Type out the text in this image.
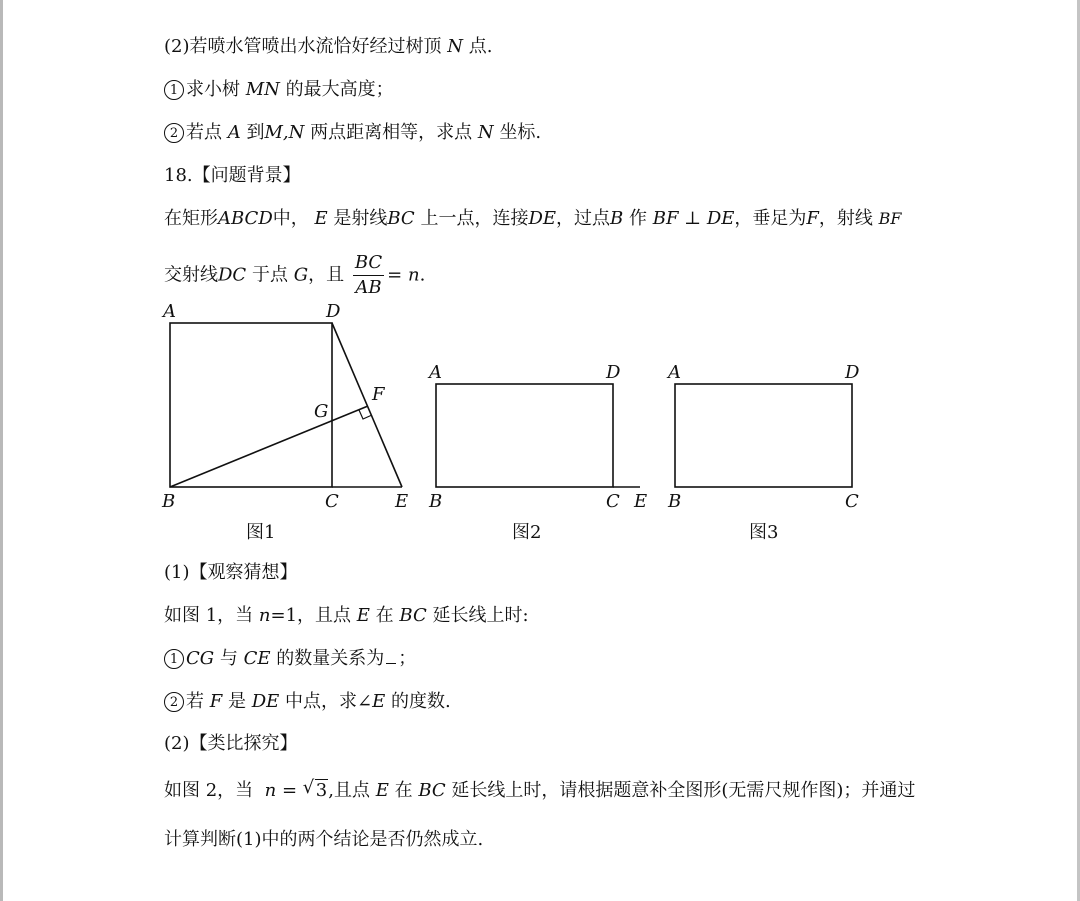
(2)若喷水管喷出水流恰好经过树顶 N 点.
1 求小树 MN 的最大高度；
2 若点 A 到M,N 两点距离相等，求点 N 坐标.
18.【问题背景】
在矩形ABCD中， E 是射线BC 上一点，连接DE，过点B 作 BF ⊥ DE，垂足为F，射线 BF
交射线DC 于点 G，且 $\frac{BC}{AB} = n$.
A	D
G
F
B	C	E
图1
A	D
B	C E
图2
A	D
B	C
图3
(1)【观察猜想】
如图 1，当 n=1，且点 E 在 BC 延长线上时:
1 CG 与 CE 的数量关系为 ；
2 若 F 是 DE 中点，求∠E 的度数.
(2)【类比探究】
如图 2，当 n = √ 3,且点 E 在 BC 延长线上时，请根据题意补全图形(无需尺规作图)；并通过
计算判断(1)中的两个结论是否仍然成立.
